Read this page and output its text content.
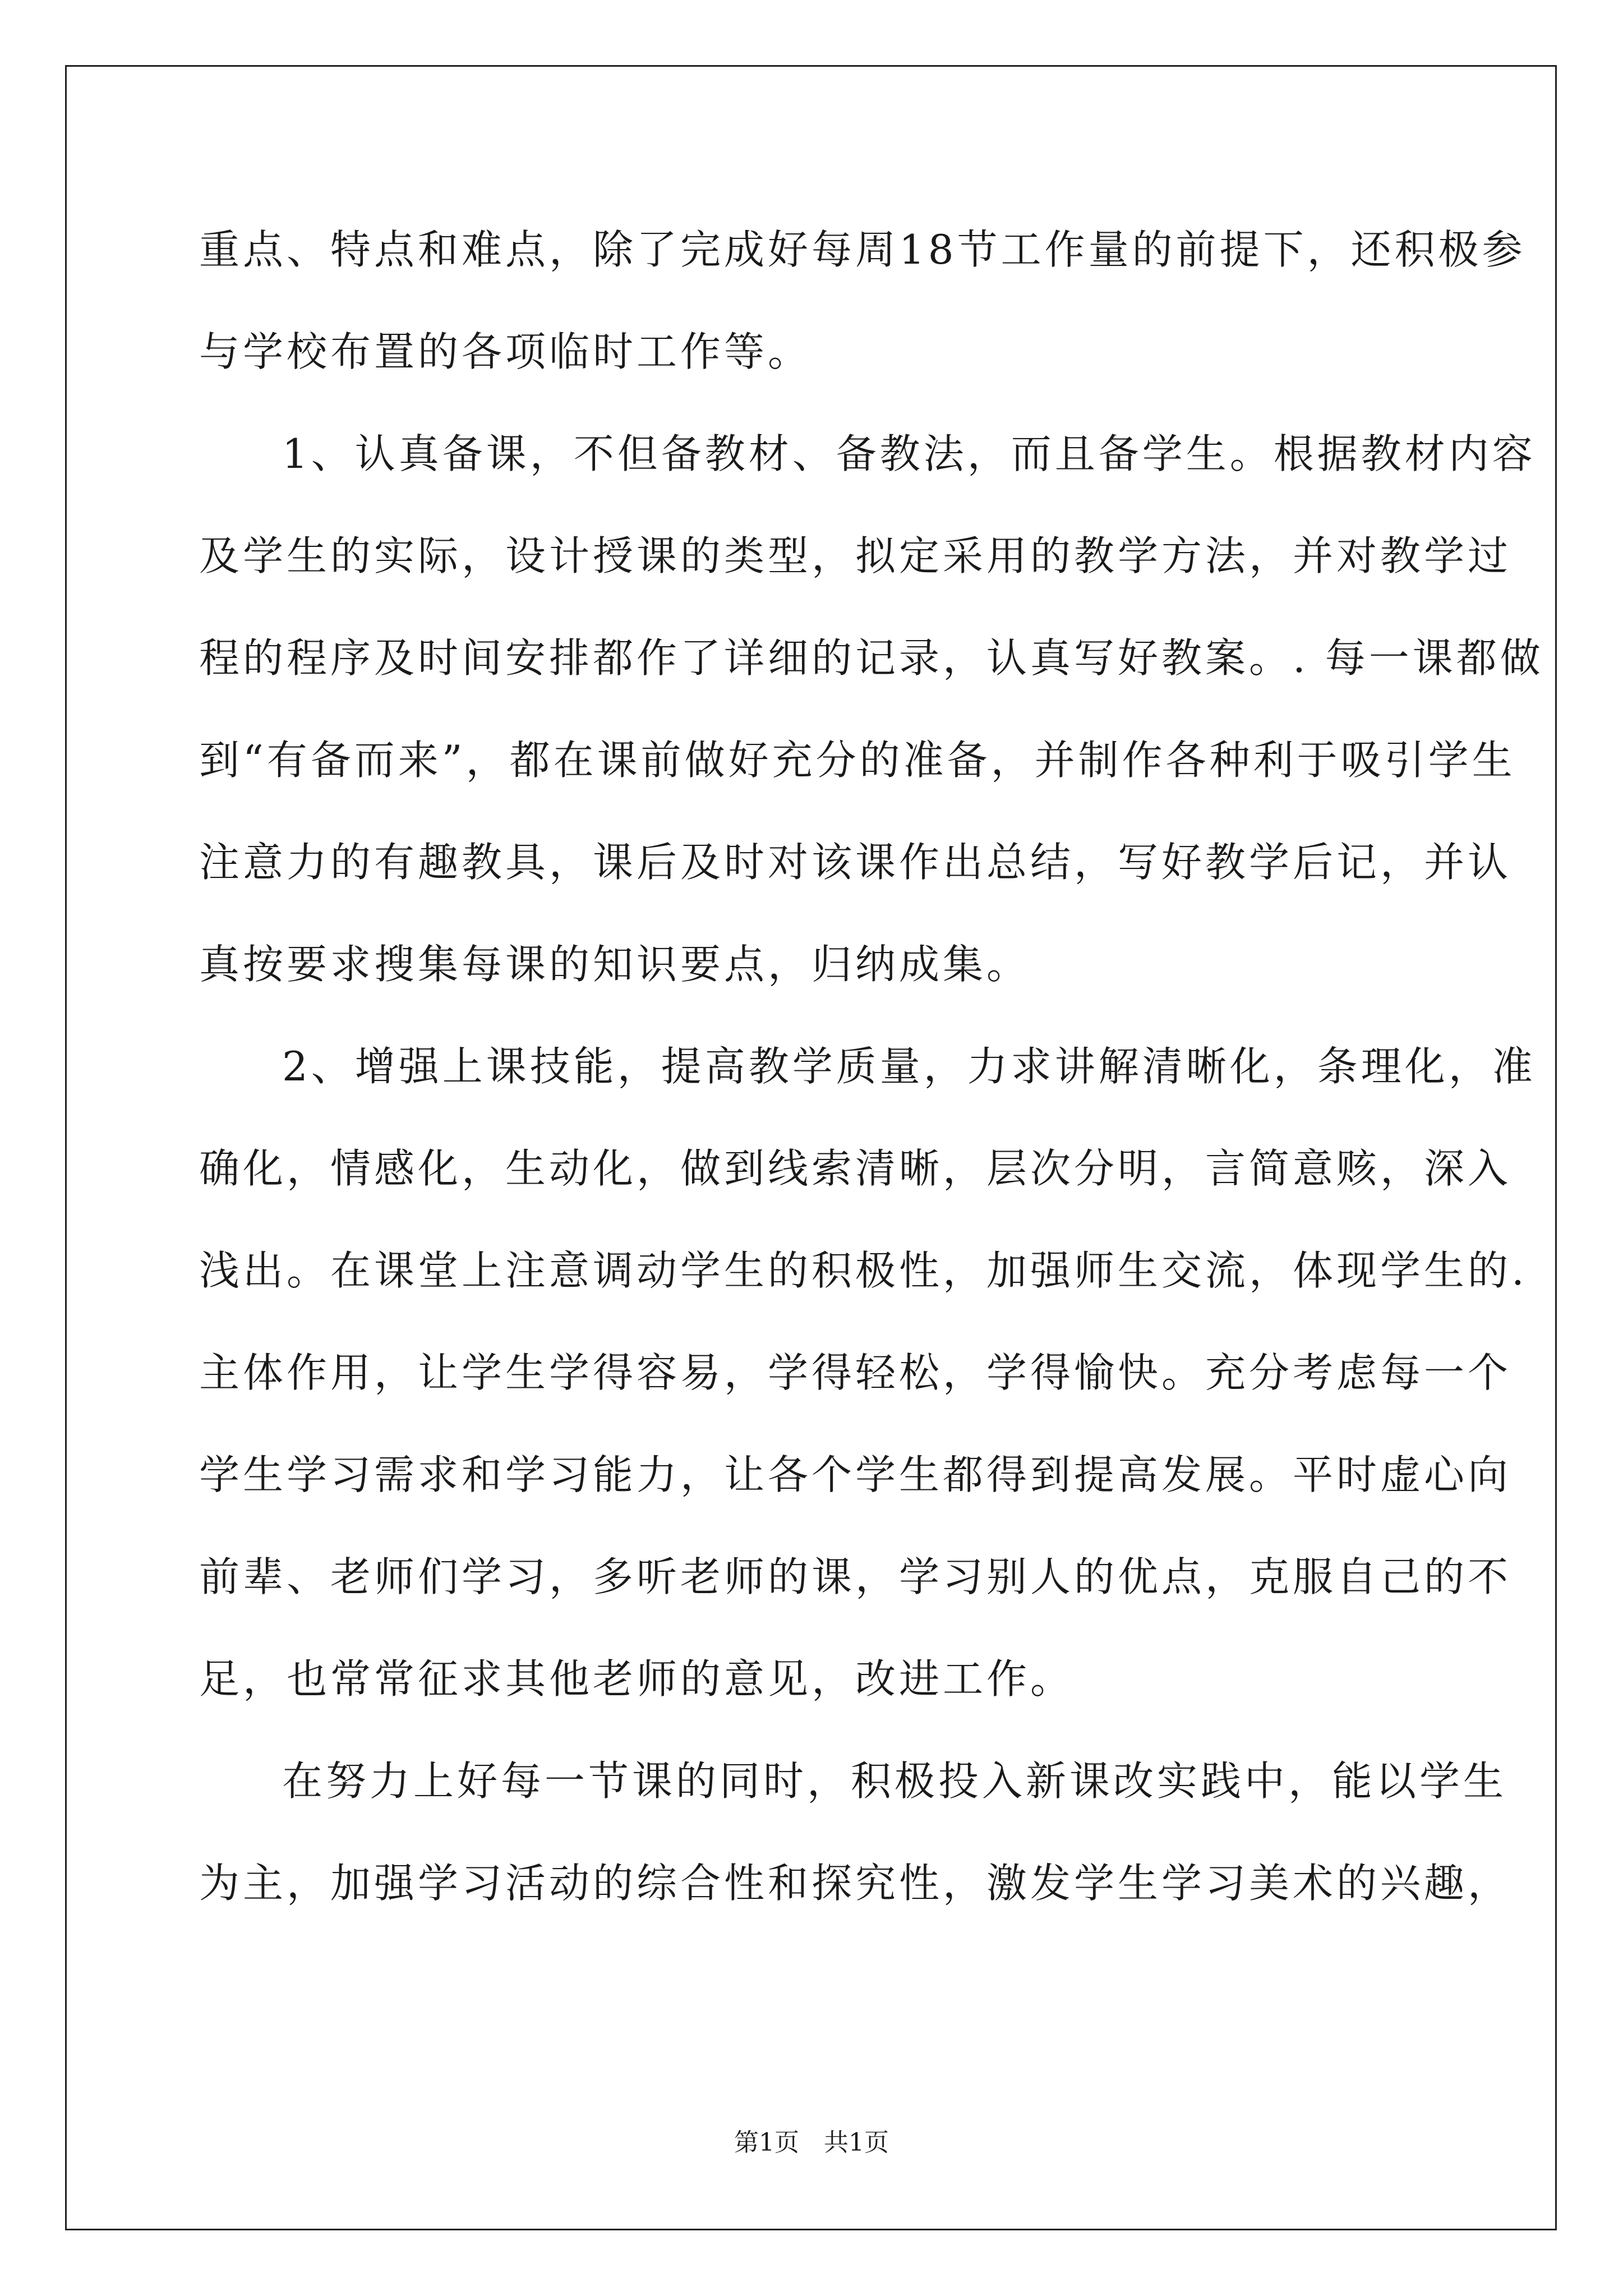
重点、特点和难点，除了完成好每周18节工作量的前提下，还积极参
与学校布置的各项临时工作等。
1、认真备课，不但备教材、备教法，而且备学生。根据教材内容
及学生的实际，设计授课的类型，拟定采用的教学方法，并对教学过
程的程序及时间安排都作了详细的记录，认真写好教案。. 每一课都做
到“有备而来”，都在课前做好充分的准备，并制作各种利于吸引学生
注意力的有趣教具，课后及时对该课作出总结，写好教学后记，并认
真按要求搜集每课的知识要点，归纳成集。
2、增强上课技能，提高教学质量，力求讲解清晰化，条理化，准
确化，情感化，生动化，做到线索清晰，层次分明，言简意赅，深入
浅出。在课堂上注意调动学生的积极性，加强师生交流，体现学生的.
主体作用，让学生学得容易，学得轻松，学得愉快。充分考虑每一个
学生学习需求和学习能力，让各个学生都得到提高发展。平时虚心向
前辈、老师们学习，多听老师的课，学习别人的优点，克服自己的不
足，也常常征求其他老师的意见，改进工作。
在努力上好每一节课的同时，积极投入新课改实践中，能以学生
为主，加强学习活动的综合性和探究性，激发学生学习美术的兴趣，
第1页　共1页
